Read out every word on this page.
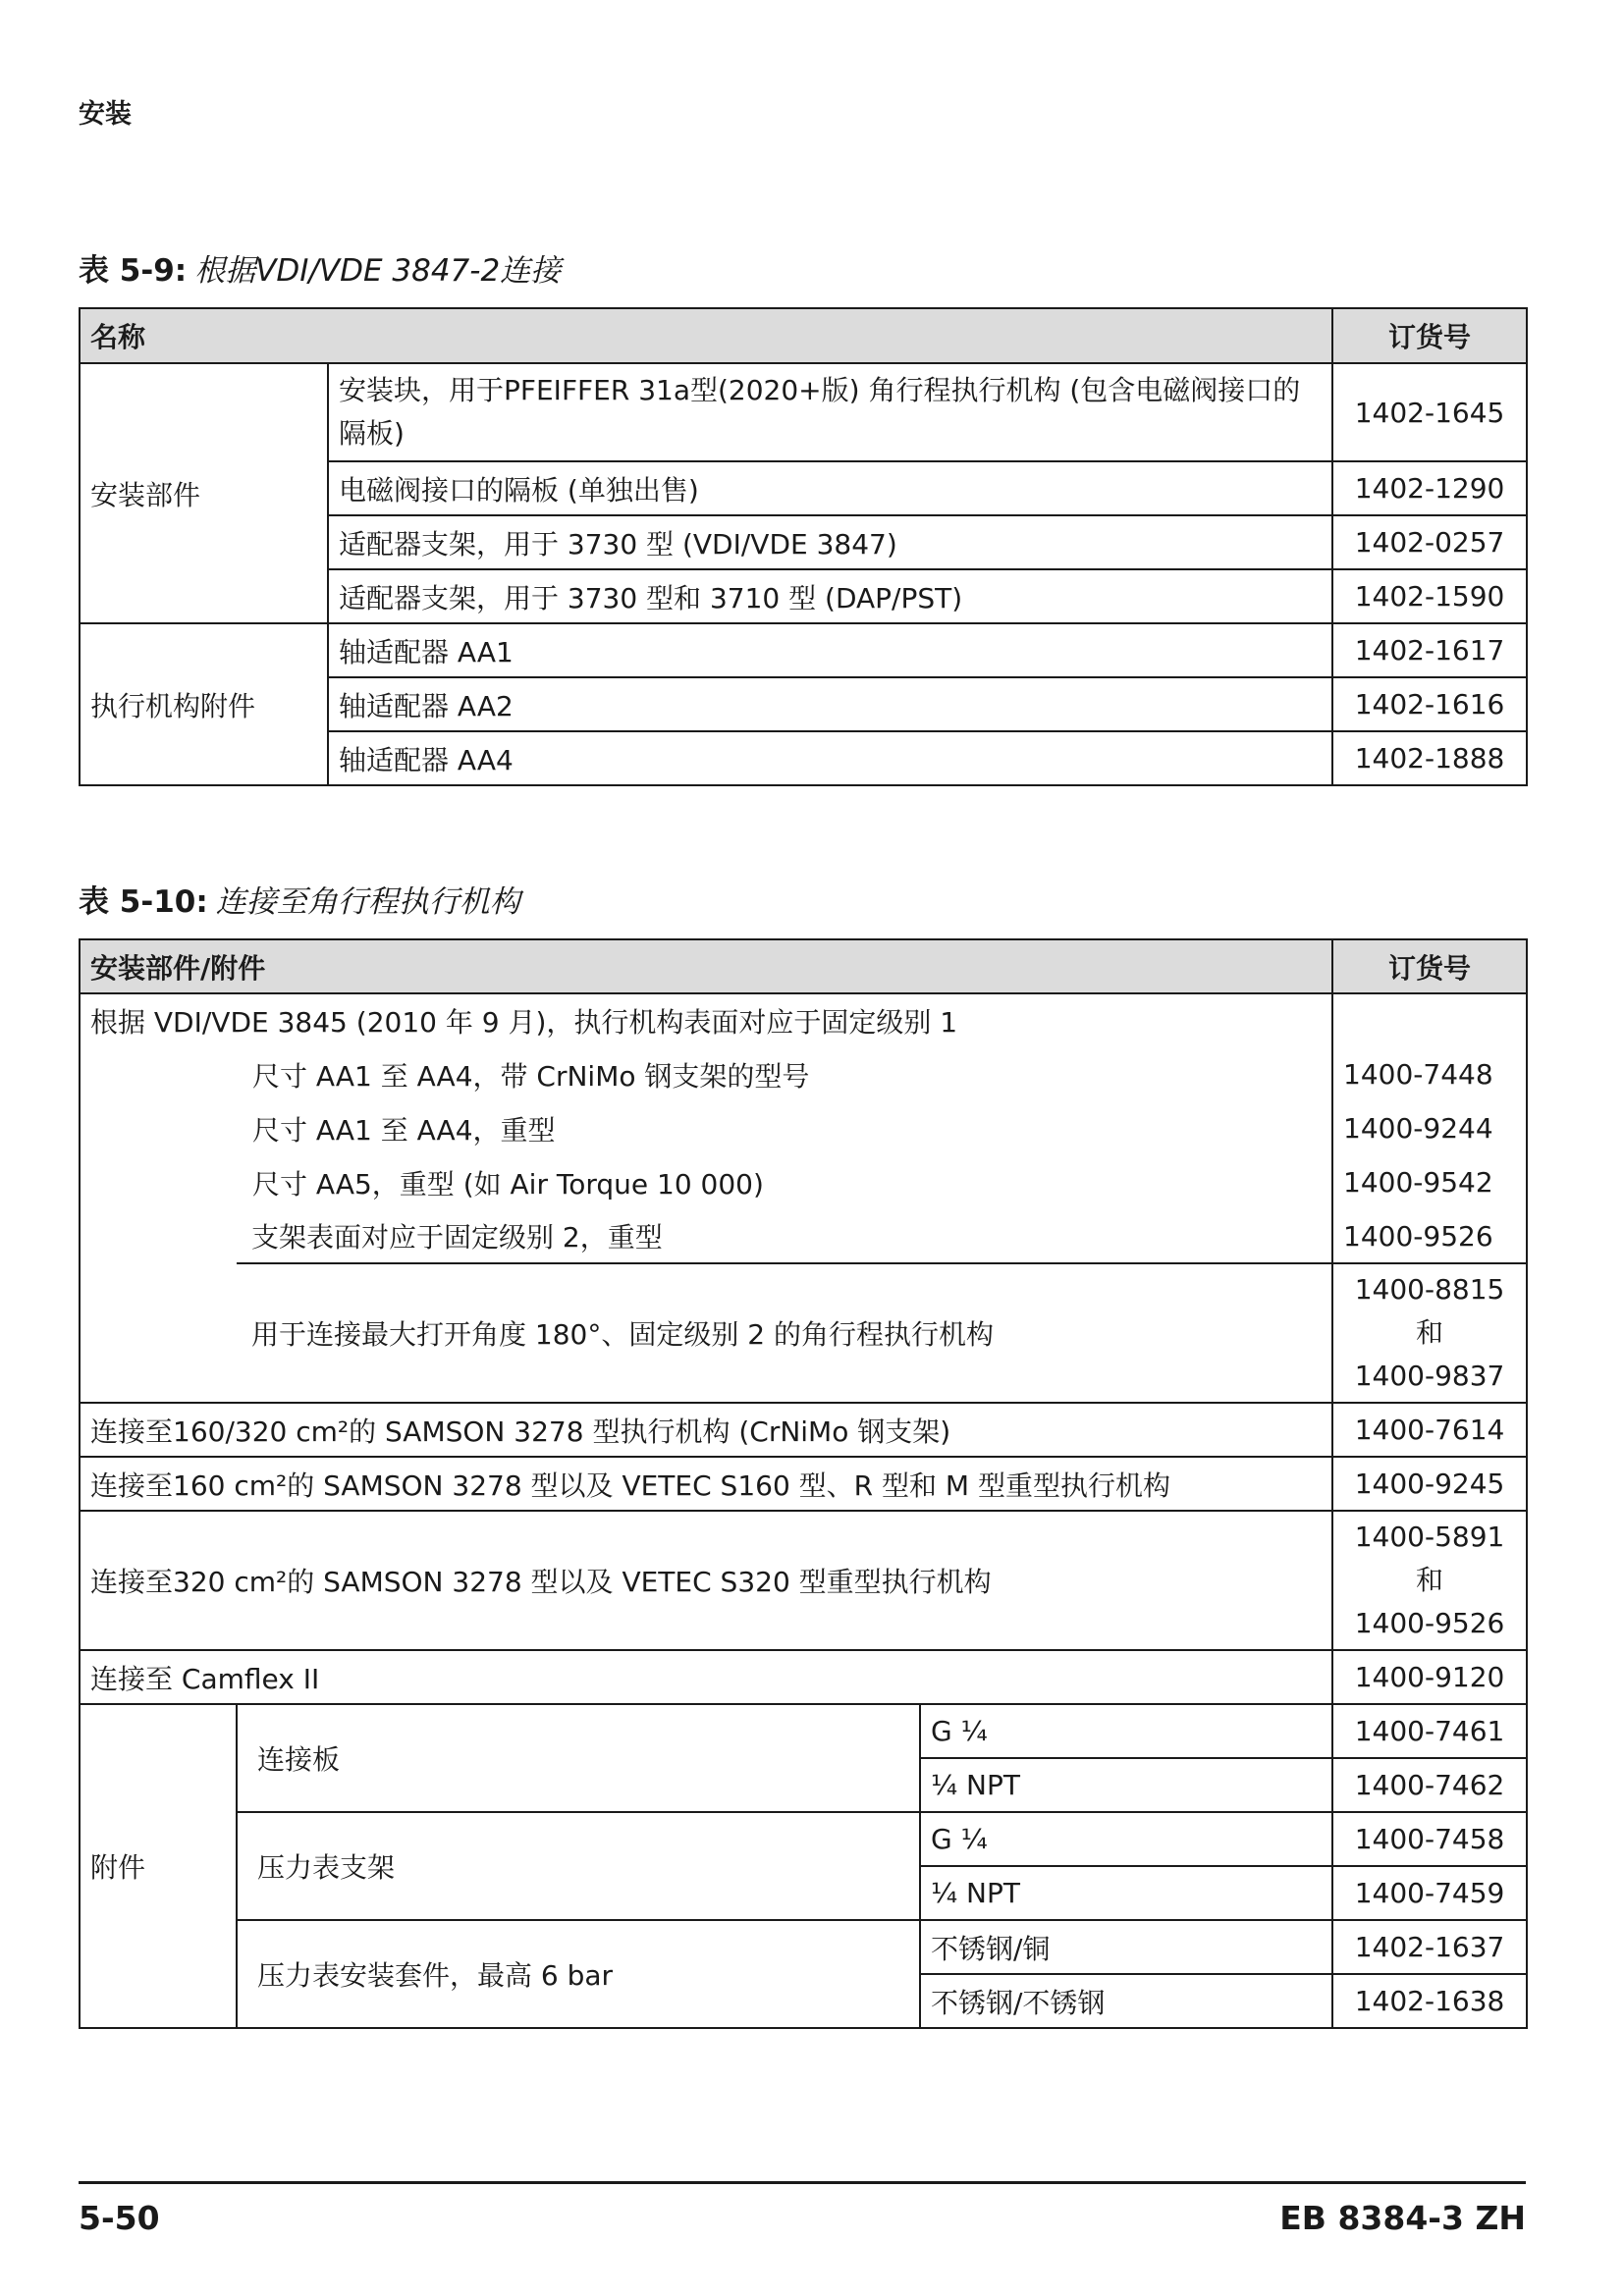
安装
表 5-9: 根据VDI/VDE 3847-2连接
名称		订货号
安装部件	安装块，用于PFEIFFER 31a型(2020+版) 角行程执行机构 (包含电磁阀接口的隔板)	1402-1645
	电磁阀接口的隔板 (单独出售)	1402-1290
	适配器支架，用于 3730 型 (VDI/VDE 3847)	1402-0257
	适配器支架，用于 3730 型和 3710 型 (DAP/PST)	1402-1590
执行机构附件	轴适配器 AA1	1402-1617
	轴适配器 AA2	1402-1616
	轴适配器 AA4	1402-1888
表 5-10: 连接至角行程执行机构
安装部件/附件			订货号
根据 VDI/VDE 3845 (2010 年 9 月)，执行机构表面对应于固定级别 1			
尺寸 AA1 至 AA4，带 CrNiMo 钢支架的型号			1400-7448
尺寸 AA1 至 AA4，重型			1400-9244
尺寸 AA5，重型 (如 Air Torque 10 000)			1400-9542
	支架表面对应于固定级别 2，重型		1400-9526
	用于连接最大打开角度 180°、固定级别 2 的角行程执行机构		1400-8815
和
1400-9837
连接至160/320 cm²的 SAMSON 3278 型执行机构 (CrNiMo 钢支架)			1400-7614
连接至160 cm²的 SAMSON 3278 型以及 VETEC S160 型、R 型和 M 型重型执行机构			1400-9245
连接至320 cm²的 SAMSON 3278 型以及 VETEC S320 型重型执行机构			1400-5891
和
1400-9526
连接至 Camflex II			1400-9120
附件	连接板	G ¼	1400-7461
		¼ NPT	1400-7462
	压力表支架	G ¼	1400-7458
		¼ NPT	1400-7459
	压力表安装套件，最高 6 bar	不锈钢/铜	1402-1637
		不锈钢/不锈钢	1402-1638
5-50	EB 8384-3 ZH
